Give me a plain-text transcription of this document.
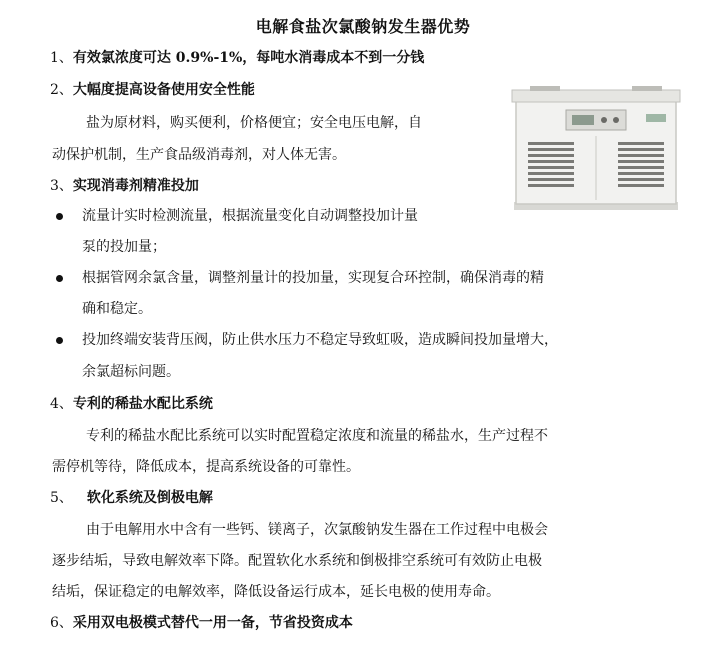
电解食盐次氯酸钠发生器优势
1、有效氯浓度可达 0.9%-1%，每吨水消毒成本不到一分钱
2、大幅度提高设备使用安全性能
盐为原材料，购买便利，价格便宜；安全电压电解，自
动保护机制，生产食品级消毒剂，对人体无害。
3、实现消毒剂精准投加
流量计实时检测流量，根据流量变化自动调整投加计量
泵的投加量；
根据管网余氯含量，调整剂量计的投加量，实现复合环控制，确保消毒的精
确和稳定。
投加终端安装背压阀，防止供水压力不稳定导致虹吸，造成瞬间投加量增大，
余氯超标问题。
4、专利的稀盐水配比系统
专利的稀盐水配比系统可以实时配置稳定浓度和流量的稀盐水，生产过程不
需停机等待，降低成本，提高系统设备的可靠性。
5、 软化系统及倒极电解
由于电解用水中含有一些钙、镁离子，次氯酸钠发生器在工作过程中电极会
逐步结垢，导致电解效率下降。配置软化水系统和倒极排空系统可有效防止电极
结垢，保证稳定的电解效率，降低设备运行成本，延长电极的使用寿命。
6、采用双电极模式替代一用一备，节省投资成本
